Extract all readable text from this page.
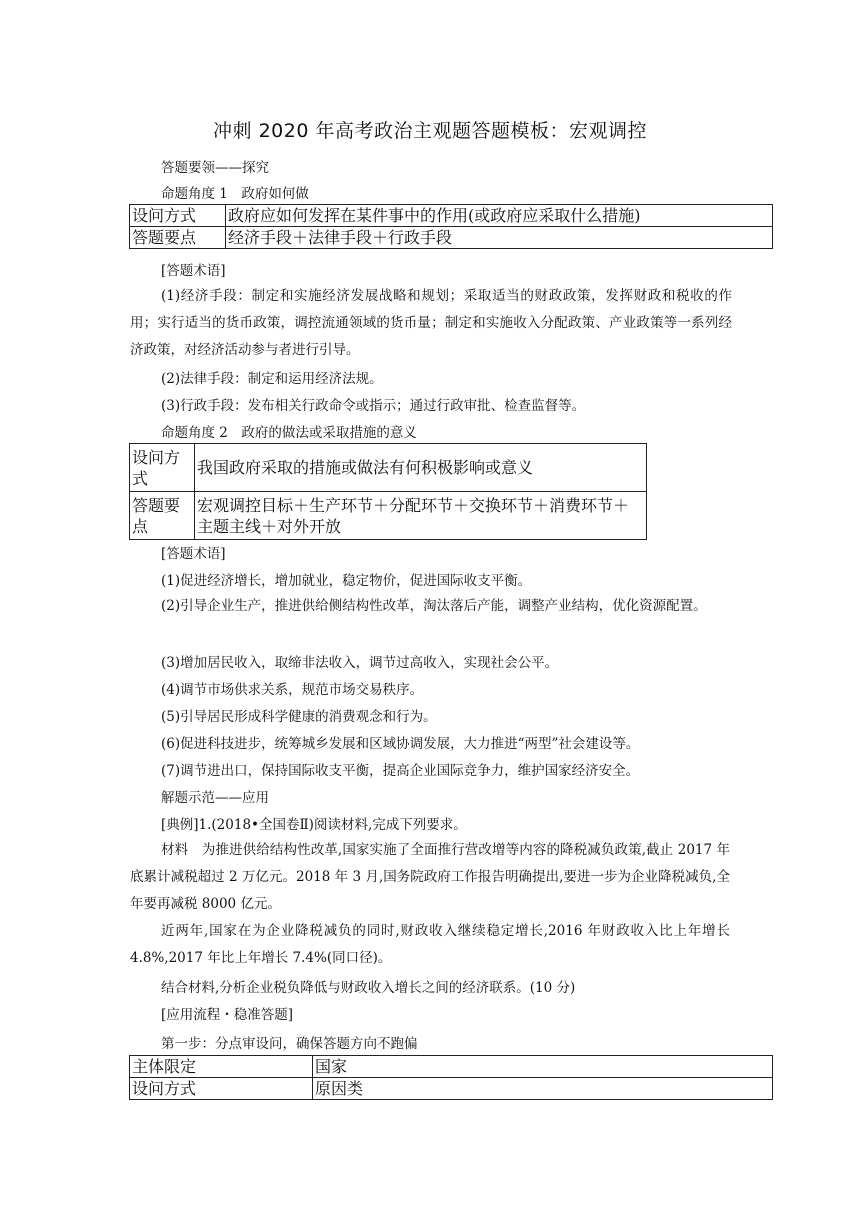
冲刺 2020 年高考政治主观题答题模板：宏观调控
答题要领——探究
命题角度 1　政府如何做
设问方式	政府应如何发挥在某件事中的作用(或政府应采取什么措施)
答题要点	经济手段＋法律手段＋行政手段
[答题术语]
(1)经济手段：制定和实施经济发展战略和规划；采取适当的财政政策，发挥财政和税收的作用；实行适当的货币政策，调控流通领域的货币量；制定和实施收入分配政策、产业政策等一系列经济政策，对经济活动参与者进行引导。
(2)法律手段：制定和运用经济法规。
(3)行政手段：发布相关行政命令或指示；通过行政审批、检查监督等。
命题角度 2　政府的做法或采取措施的意义
设问方式	我国政府采取的措施或做法有何积极影响或意义
答题要点	宏观调控目标＋生产环节＋分配环节＋交换环节＋消费环节＋主题主线＋对外开放
[答题术语]
(1)促进经济增长，增加就业，稳定物价，促进国际收支平衡。
(2)引导企业生产，推进供给侧结构性改革，淘汰落后产能，调整产业结构，优化资源配置。
(3)增加居民收入，取缔非法收入，调节过高收入，实现社会公平。
(4)调节市场供求关系，规范市场交易秩序。
(5)引导居民形成科学健康的消费观念和行为。
(6)促进科技进步，统筹城乡发展和区域协调发展，大力推进“两型”社会建设等。
(7)调节进出口，保持国际收支平衡，提高企业国际竞争力，维护国家经济安全。
解题示范——应用
[典例]1.(2018•全国卷Ⅱ)阅读材料,完成下列要求。
材料　为推进供给结构性改革,国家实施了全面推行营改增等内容的降税减负政策,截止 2017 年底累计减税超过 2 万亿元。2018 年 3 月,国务院政府工作报告明确提出,要进一步为企业降税减负,全年要再减税 8000 亿元。
近两年,国家在为企业降税减负的同时,财政收入继续稳定增长,2016 年财政收入比上年增长 4.8%,2017 年比上年增长 7.4%(同口径)。
结合材料,分析企业税负降低与财政收入增长之间的经济联系。(10 分)
[应用流程・稳准答题]
第一步：分点审设问，确保答题方向不跑偏
主体限定	国家
设问方式	原因类
